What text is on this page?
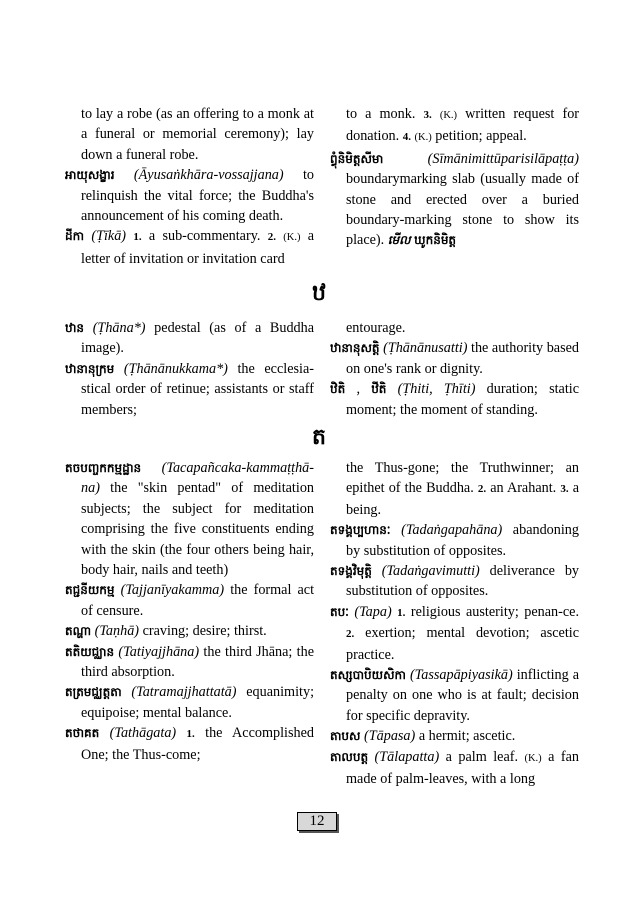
to lay a robe (as an offering to a monk at a funeral or memorial ceremony); lay down a funeral robe.

អាយុសង្ខារ (Āyusaṅkhāra-vossajjana) to relinquish the vital force; the Buddha's announcement of his coming death.

ដីកា (Ṭīkā) 1. a sub-commentary. 2. (K.) a letter of invitation or invitation card

to a monk. 3. (K.) written request for donation. 4. (K.) petition; appeal.

ព្ធុំនិមិត្តសីមា	(Sīmānimittūparisilāpaṭṭa) boundarymarking slab (usually made of stone and erected over a buried boundary-marking stone to show its place). មើល ឃូកនិមិត្ត

ឋ

ឋាន (Ṭhāna*) pedestal (as of a Buddha image).

ឋានានុក្រម (Ṭhānānukkama*) the ecclesia-stical order of retinue; assistants or staff members;

entourage.

ឋានានុសត្តិ (Ṭhānānusatti) the authority based on one's rank or dignity.

ឋិតិ , ឋីតិ (Ṭhiti, Ṭhīti) duration; static moment; the moment of standing.

ត

តចបញ្ចកកម្មដ្ឋាន (Tacapañcaka-kammaṭṭhā-na) the "skin pentad" of meditation subjects; the subject for meditation comprising the five constituents ending with the skin (the four others being hair, body hair, nails and teeth)

តជ្ជនីយកម្ម (Tajjanīyakamma) the formal act of censure.

តណ្ហា (Taṇhā) craving; desire; thirst.

តតិយជ្ឈាន (Tatiyajjhāna) the third Jhāna; the third absorption.

តត្រមជ្ឈត្តតា (Tatramajjhattatā) equanimity; equipoise; mental balance.

តថាគត (Tathāgata) 1. the Accomplished One; the Thus-come;

the Thus-gone; the Truthwinner; an epithet of the Buddha. 2. an Arahant. 3. a being.

តទង្គប្បហានៈ (Tadaṅgapahāna) abandoning by substitution of opposites.

តទង្គវិមុត្តិ (Tadaṅgavimutti) deliverance by substitution of opposites.

តបៈ (Tapa) 1. religious austerity; penan-ce. 2. exertion; mental devotion; ascetic practice.

តស្សបាបិយសិកា (Tassapāpiyasikā) inflicting a penalty on one who is at fault; decision for specific depravity.

តាបស (Tāpasa) a hermit; ascetic.

តាលបត្ត (Tālapatta) a palm leaf. (K.) a fan made of palm-leaves, with a long

12
